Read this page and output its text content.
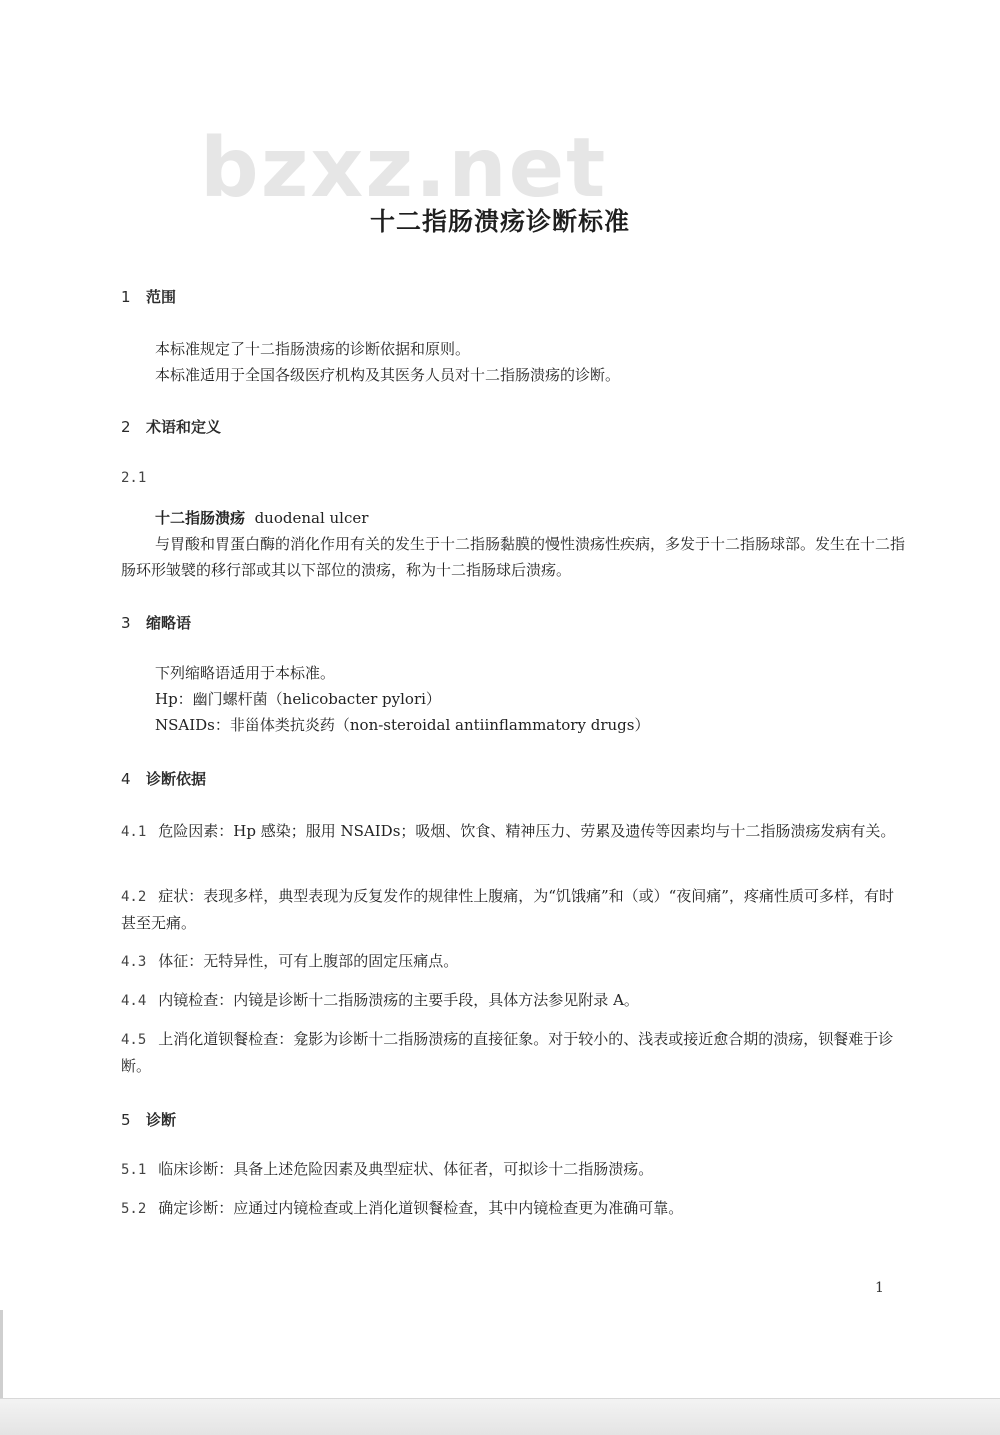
bzxz.net
十二指肠溃疡诊断标准
1 范围
本标准规定了十二指肠溃疡的诊断依据和原则。
本标准适用于全国各级医疗机构及其医务人员对十二指肠溃疡的诊断。
2 术语和定义
2.1
十二指肠溃疡 duodenal ulcer
与胃酸和胃蛋白酶的消化作用有关的发生于十二指肠黏膜的慢性溃疡性疾病，多发于十二指肠球部。发生在十二指肠环形皱襞的移行部或其以下部位的溃疡，称为十二指肠球后溃疡。
3 缩略语
下列缩略语适用于本标准。
Hp：幽门螺杆菌（helicobacter pylori）
NSAIDs：非甾体类抗炎药（non-steroidal antiinflammatory drugs）
4 诊断依据
4.1 危险因素：Hp 感染；服用 NSAIDs；吸烟、饮食、精神压力、劳累及遗传等因素均与十二指肠溃疡发病有关。
4.2 症状：表现多样，典型表现为反复发作的规律性上腹痛，为“饥饿痛”和（或）“夜间痛”，疼痛性质可多样，有时甚至无痛。
4.3 体征：无特异性，可有上腹部的固定压痛点。
4.4 内镜检查：内镜是诊断十二指肠溃疡的主要手段，具体方法参见附录 A。
4.5 上消化道钡餐检查：龛影为诊断十二指肠溃疡的直接征象。对于较小的、浅表或接近愈合期的溃疡，钡餐难于诊断。
5 诊断
5.1 临床诊断：具备上述危险因素及典型症状、体征者，可拟诊十二指肠溃疡。
5.2 确定诊断：应通过内镜检查或上消化道钡餐检查，其中内镜检查更为准确可靠。
1
